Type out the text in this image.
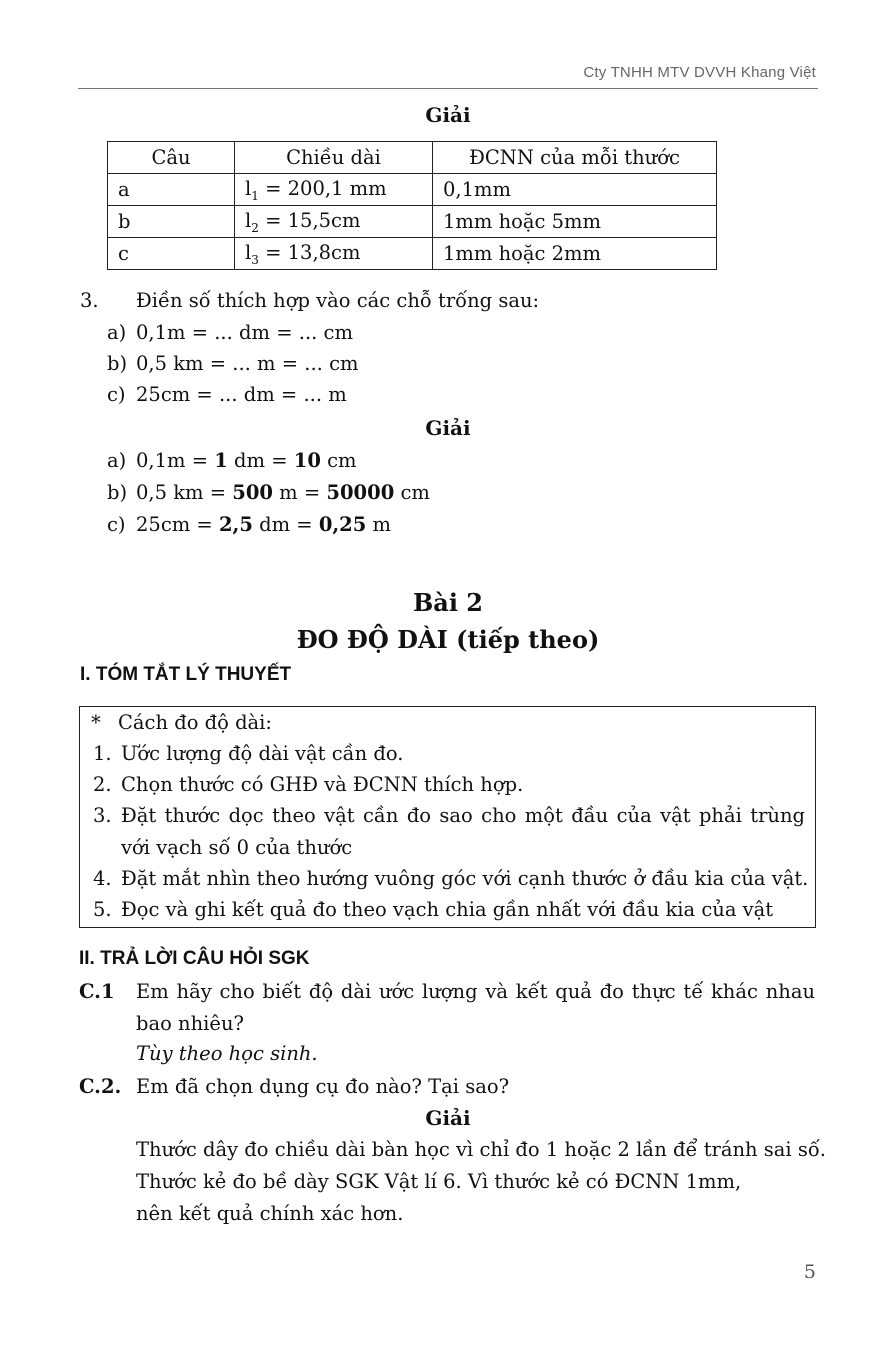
Cty TNHH MTV DVVH Khang Việt
Giải
Câu	Chiều dài	ĐCNN của mỗi thước
a	$l_1 = 200,1$ mm	0,1mm
b	$l_2 = 15,5cm$	1mm hoặc 5mm
c	$l_3 = 13,8cm$	1mm hoặc 2mm
3. Điền số thích hợp vào các chỗ trống sau:
a) 0,1m = ... dm = ... cm
b) 0,5 km = ... m = ... cm
c) 25cm = ... dm = ... m
Giải
a) 0,1m = 1 dm = 10 cm
b) 0,5 km = 500 m = 50000 cm
c) 25cm = 2,5 dm = 0,25 m
Bài 2
ĐO ĐỘ DÀI (tiếp theo)
I. TÓM TẮT LÝ THUYẾT
* Cách đo độ dài:
1. Ước lượng độ dài vật cần đo.
2. Chọn thước có GHĐ và ĐCNN thích hợp.
3. Đặt thước dọc theo vật cần đo sao cho một đầu của vật phải trùng
với vạch số 0 của thước
4. Đặt mắt nhìn theo hướng vuông góc với cạnh thước ở đầu kia của vật.
5. Đọc và ghi kết quả đo theo vạch chia gần nhất với đầu kia của vật
II. TRẢ LỜI CÂU HỎI SGK
C.1 Em hãy cho biết độ dài ước lượng và kết quả đo thực tế khác nhau
bao nhiêu?
Tùy theo học sinh.
C.2. Em đã chọn dụng cụ đo nào? Tại sao?
Giải
Thước dây đo chiều dài bàn học vì chỉ đo 1 hoặc 2 lần để tránh sai số.
Thước kẻ đo bề dày SGK Vật lí 6. Vì thước kẻ có ĐCNN 1mm,
nên kết quả chính xác hơn.
5
